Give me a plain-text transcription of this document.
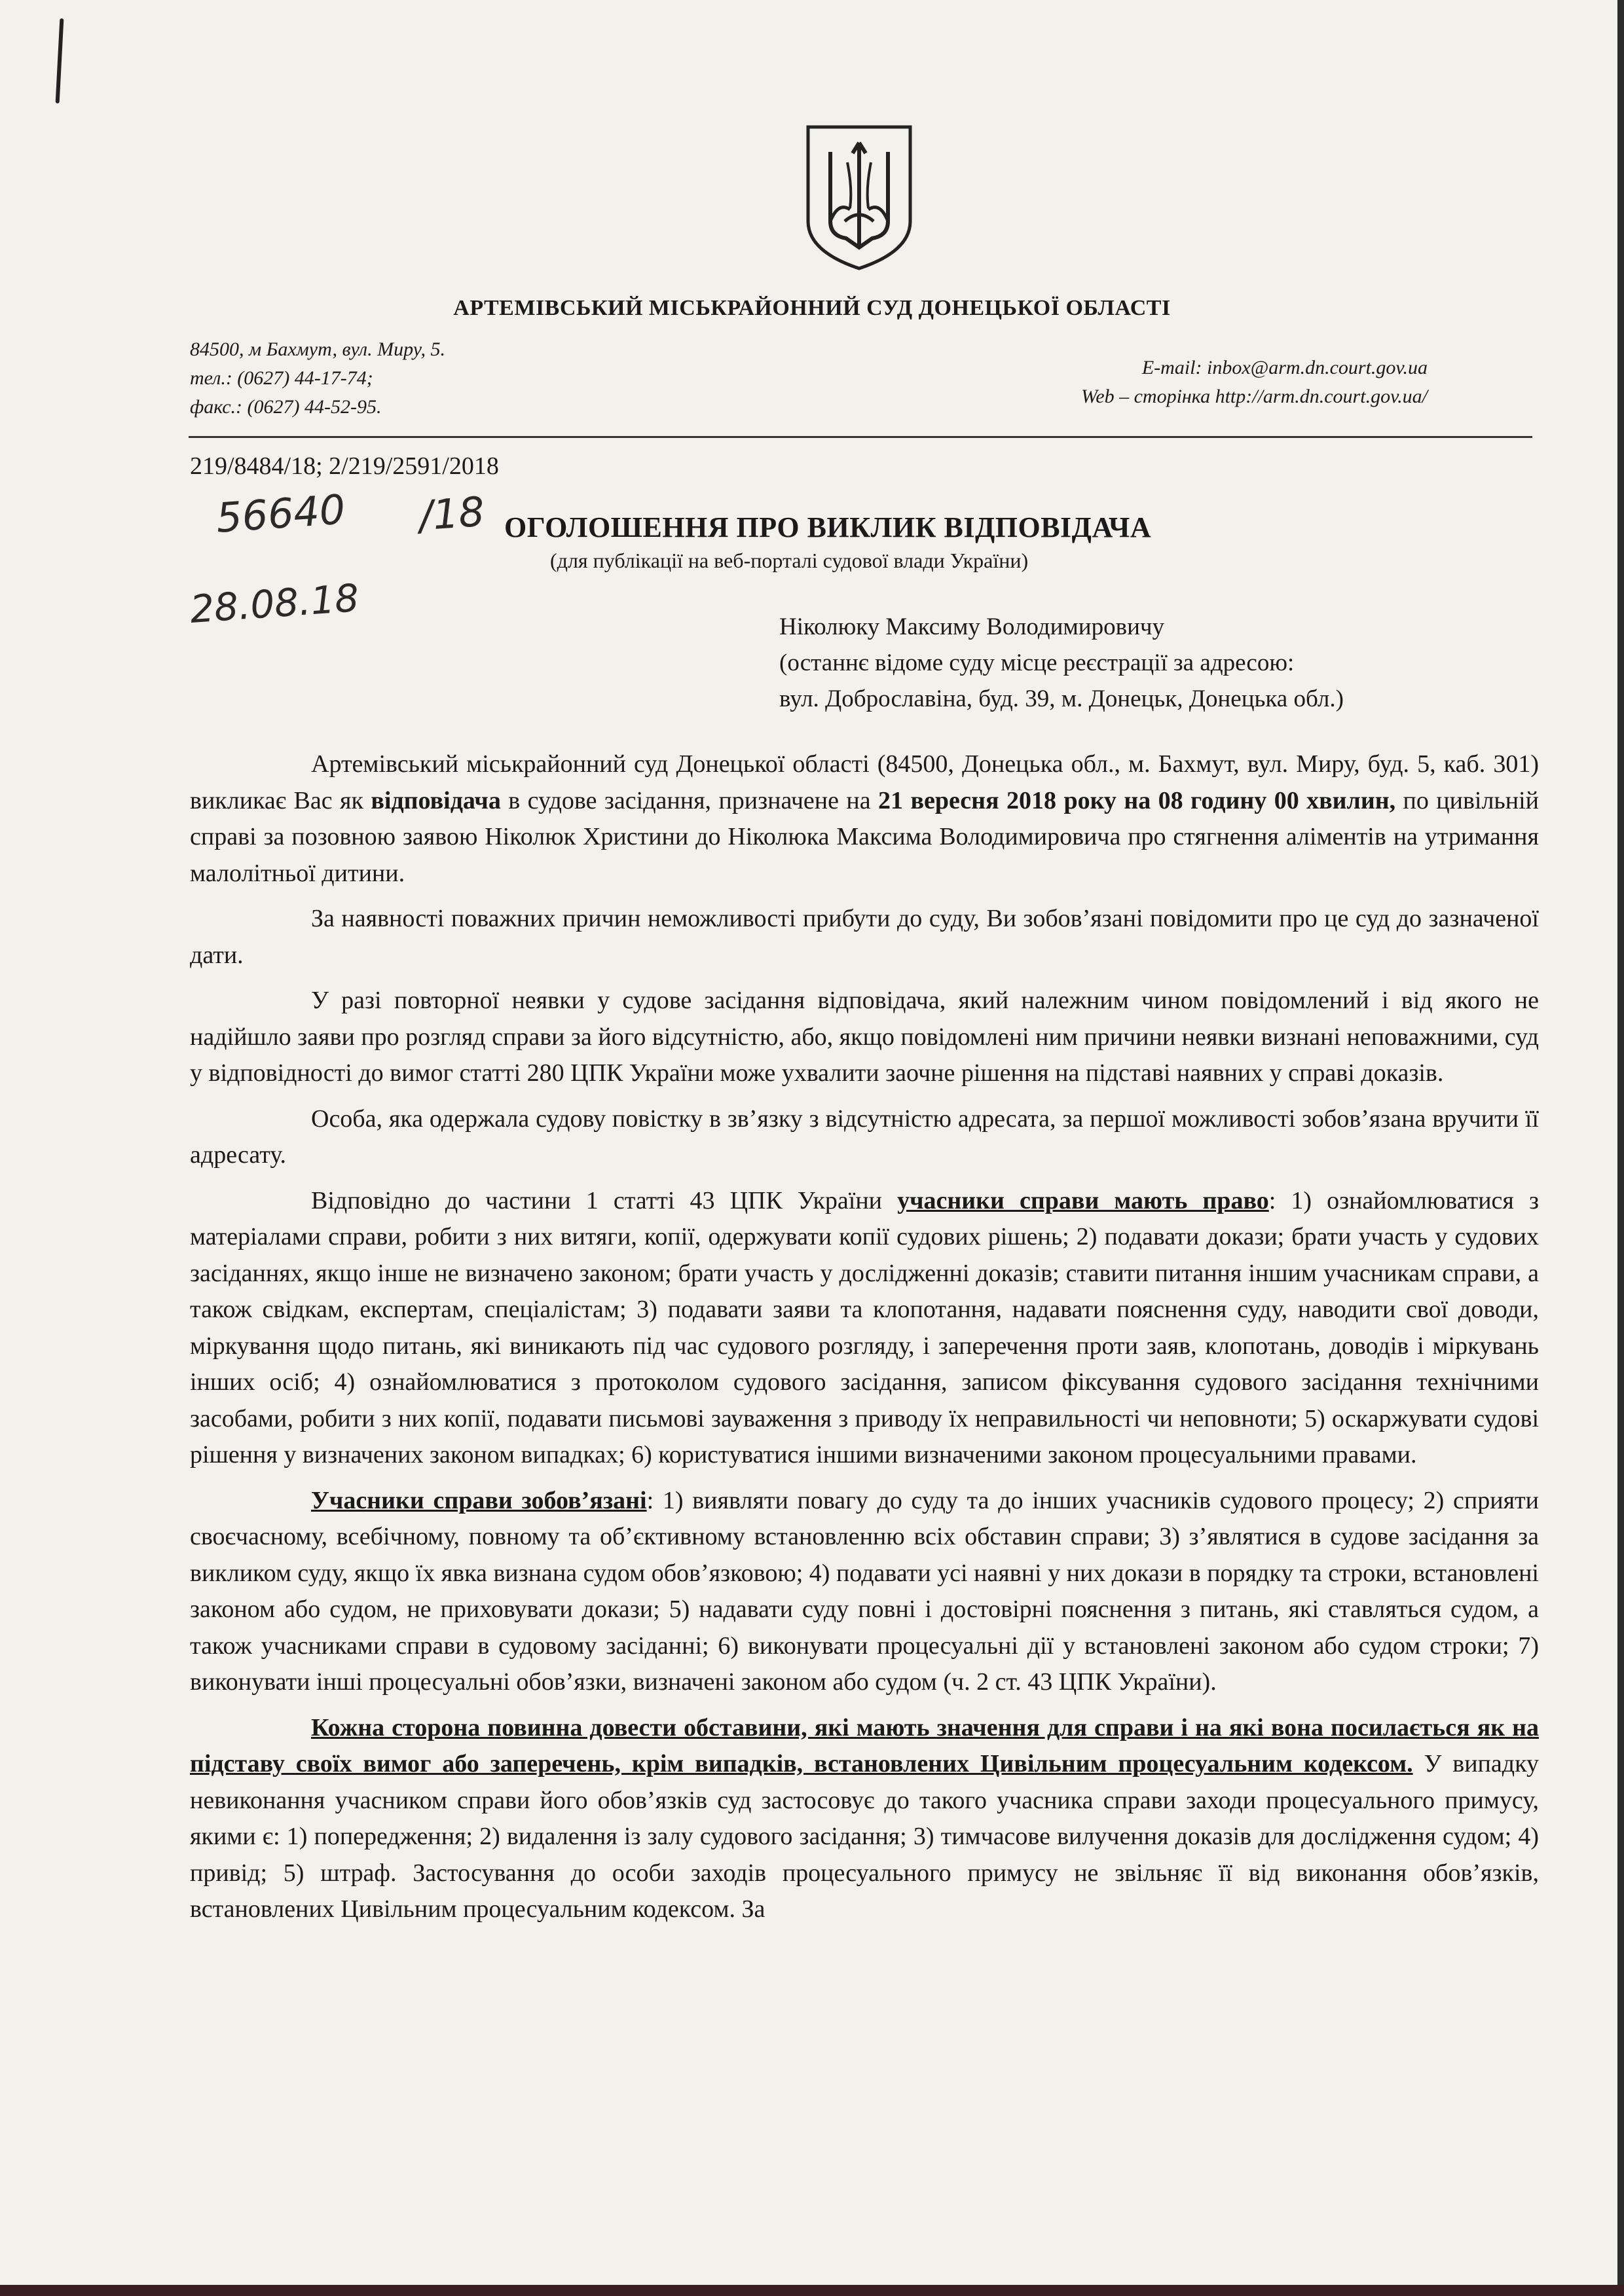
АРТЕМІВСЬКИЙ МІСЬКРАЙОННИЙ СУД ДОНЕЦЬКОЇ ОБЛАСТІ
84500, м Бахмут, вул. Миру, 5.
тел.: (0627) 44-17-74;
факс.: (0627) 44-52-95.
E-mail: inbox@arm.dn.court.gov.ua
Web – сторінка http://arm.dn.court.gov.ua/
219/8484/18; 2/219/2591/2018
56640 /18
28.08.18
ОГОЛОШЕННЯ ПРО ВИКЛИК ВІДПОВІДАЧА
(для публікації на веб-порталі судової влади України)
Ніколюку Максиму Володимировичу
(останнє відоме суду місце реєстрації за адресою:
вул. Доброславіна, буд. 39, м. Донецьк, Донецька обл.)

Артемівський міськрайонний суд Донецької області (84500, Донецька обл., м. Бахмут, вул. Миру, буд. 5, каб. 301) викликає Вас як відповідача в судове засідання, призначене на 21 вересня 2018 року на 08 годину 00 хвилин, по цивільній справі за позовною заявою Ніколюк Христини до Ніколюка Максима Володимировича про стягнення аліментів на утримання малолітньої дитини.

За наявності поважних причин неможливості прибути до суду, Ви зобов’язані повідомити про це суд до зазначеної дати.

У разі повторної неявки у судове засідання відповідача, який належним чином повідомлений і від якого не надійшло заяви про розгляд справи за його відсутністю, або, якщо повідомлені ним причини неявки визнані неповажними, суд у відповідності до вимог статті 280 ЦПК України може ухвалити заочне рішення на підставі наявних у справі доказів.

Особа, яка одержала судову повістку в зв’язку з відсутністю адресата, за першої можливості зобов’язана вручити її адресату.

Відповідно до частини 1 статті 43 ЦПК України учасники справи мають право: 1) ознайомлюватися з матеріалами справи, робити з них витяги, копії, одержувати копії судових рішень; 2) подавати докази; брати участь у судових засіданнях, якщо інше не визначено законом; брати участь у дослідженні доказів; ставити питання іншим учасникам справи, а також свідкам, експертам, спеціалістам; 3) подавати заяви та клопотання, надавати пояснення суду, наводити свої доводи, міркування щодо питань, які виникають під час судового розгляду, і заперечення проти заяв, клопотань, доводів і міркувань інших осіб; 4) ознайомлюватися з протоколом судового засідання, записом фіксування судового засідання технічними засобами, робити з них копії, подавати письмові зауваження з приводу їх неправильності чи неповноти; 5) оскаржувати судові рішення у визначених законом випадках; 6) користуватися іншими визначеними законом процесуальними правами.

Учасники справи зобов’язані: 1) виявляти повагу до суду та до інших учасників судового процесу; 2) сприяти своєчасному, всебічному, повному та об’єктивному встановленню всіх обставин справи; 3) з’являтися в судове засідання за викликом суду, якщо їх явка визнана судом обов’язковою; 4) подавати усі наявні у них докази в порядку та строки, встановлені законом або судом, не приховувати докази; 5) надавати суду повні і достовірні пояснення з питань, які ставляться судом, а також учасниками справи в судовому засіданні; 6) виконувати процесуальні дії у встановлені законом або судом строки; 7) виконувати інші процесуальні обов’язки, визначені законом або судом (ч. 2 ст. 43 ЦПК України).

Кожна сторона повинна довести обставини, які мають значення для справи і на які вона посилається як на підставу своїх вимог або заперечень, крім випадків, встановлених Цивільним процесуальним кодексом. У випадку невиконання учасником справи його обов’язків суд застосовує до такого учасника справи заходи процесуального примусу, якими є: 1) попередження; 2) видалення із залу судового засідання; 3) тимчасове вилучення доказів для дослідження судом; 4) привід; 5) штраф. Застосування до особи заходів процесуального примусу не звільняє її від виконання обов’язків, встановлених Цивільним процесуальним кодексом. За
